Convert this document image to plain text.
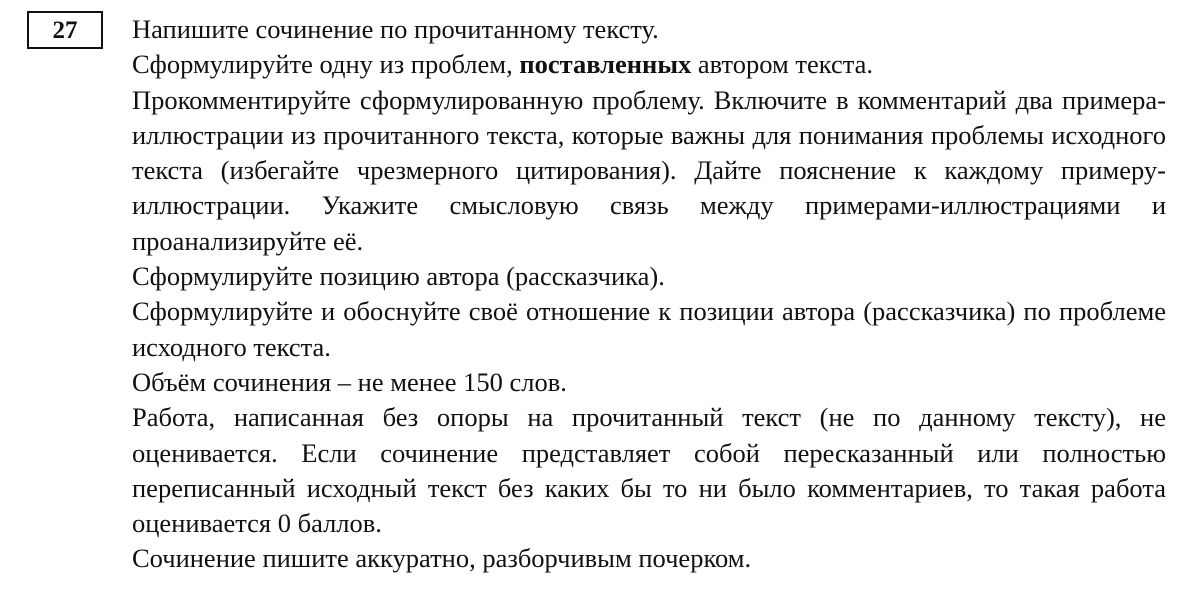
27 Напишите сочинение по прочитанному тексту.

Сформулируйте одну из проблем, поставленных автором текста.

Прокомментируйте сформулированную проблему. Включите в комментарий два примера-иллюстрации из прочитанного текста, которые важны для понимания проблемы исходного текста (избегайте чрезмерного цитирования). Дайте пояснение к каждому примеру-иллюстрации. Укажите смысловую связь между примерами-иллюстрациями и проанализируйте её.

Сформулируйте позицию автора (рассказчика).

Сформулируйте и обоснуйте своё отношение к позиции автора (рассказчика) по проблеме исходного текста.

Объём сочинения – не менее 150 слов.

Работа, написанная без опоры на прочитанный текст (не по данному тексту), не оценивается. Если сочинение представляет собой пересказанный или полностью переписанный исходный текст без каких бы то ни было комментариев, то такая работа оценивается 0 баллов.

Сочинение пишите аккуратно, разборчивым почерком.
